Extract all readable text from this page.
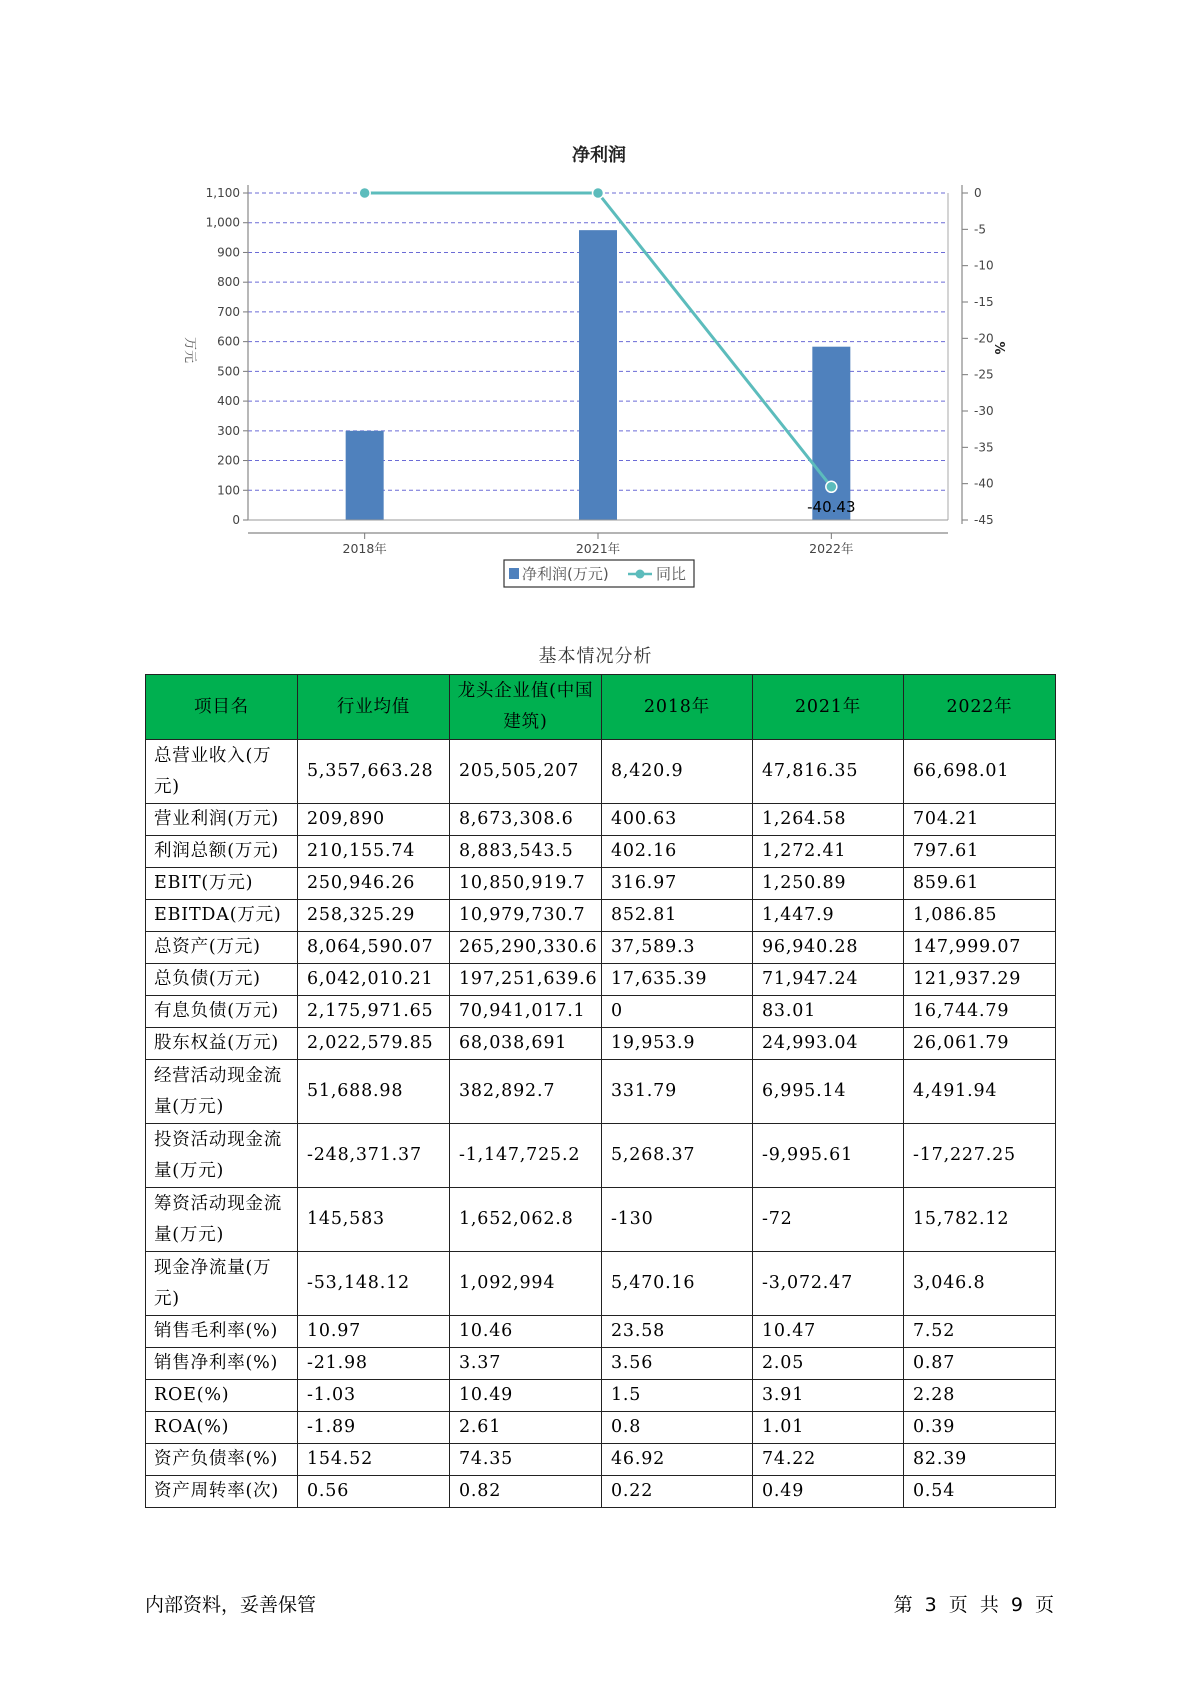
净利润
-40.43
0
100
200
300
400
500
600
700
800
900
1,000
1,100	0
-5
-10
-15
-20
-25
-30
-35
-40
-45
2018年	2021年	2022年
万元	%
净利润(万元)	同比
基本情况分析
项目名	行业均值	龙头企业值(中国建筑)	2018年	2021年	2022年
总营业收入(万元)	5,357,663.28	205,505,207	8,420.9	47,816.35	66,698.01
营业利润(万元)	209,890	8,673,308.6	400.63	1,264.58	704.21
利润总额(万元)	210,155.74	8,883,543.5	402.16	1,272.41	797.61
EBIT(万元)	250,946.26	10,850,919.7	316.97	1,250.89	859.61
EBITDA(万元)	258,325.29	10,979,730.7	852.81	1,447.9	1,086.85
总资产(万元)	8,064,590.07	265,290,330.6	37,589.3	96,940.28	147,999.07
总负债(万元)	6,042,010.21	197,251,639.6	17,635.39	71,947.24	121,937.29
有息负债(万元)	2,175,971.65	70,941,017.1	0	83.01	16,744.79
股东权益(万元)	2,022,579.85	68,038,691	19,953.9	24,993.04	26,061.79
经营活动现金流量(万元)	51,688.98	382,892.7	331.79	6,995.14	4,491.94
投资活动现金流量(万元)	-248,371.37	-1,147,725.2	5,268.37	-9,995.61	-17,227.25
筹资活动现金流量(万元)	145,583	1,652,062.8	-130	-72	15,782.12
现金净流量(万元)	-53,148.12	1,092,994	5,470.16	-3,072.47	3,046.8
销售毛利率(%)	10.97	10.46	23.58	10.47	7.52
销售净利率(%)	-21.98	3.37	3.56	2.05	0.87
ROE(%)	-1.03	10.49	1.5	3.91	2.28
ROA(%)	-1.89	2.61	0.8	1.01	0.39
资产负债率(%)	154.52	74.35	46.92	74.22	82.39
资产周转率(次)	0.56	0.82	0.22	0.49	0.54
内部资料，妥善保管	第 3 页 共 9 页
